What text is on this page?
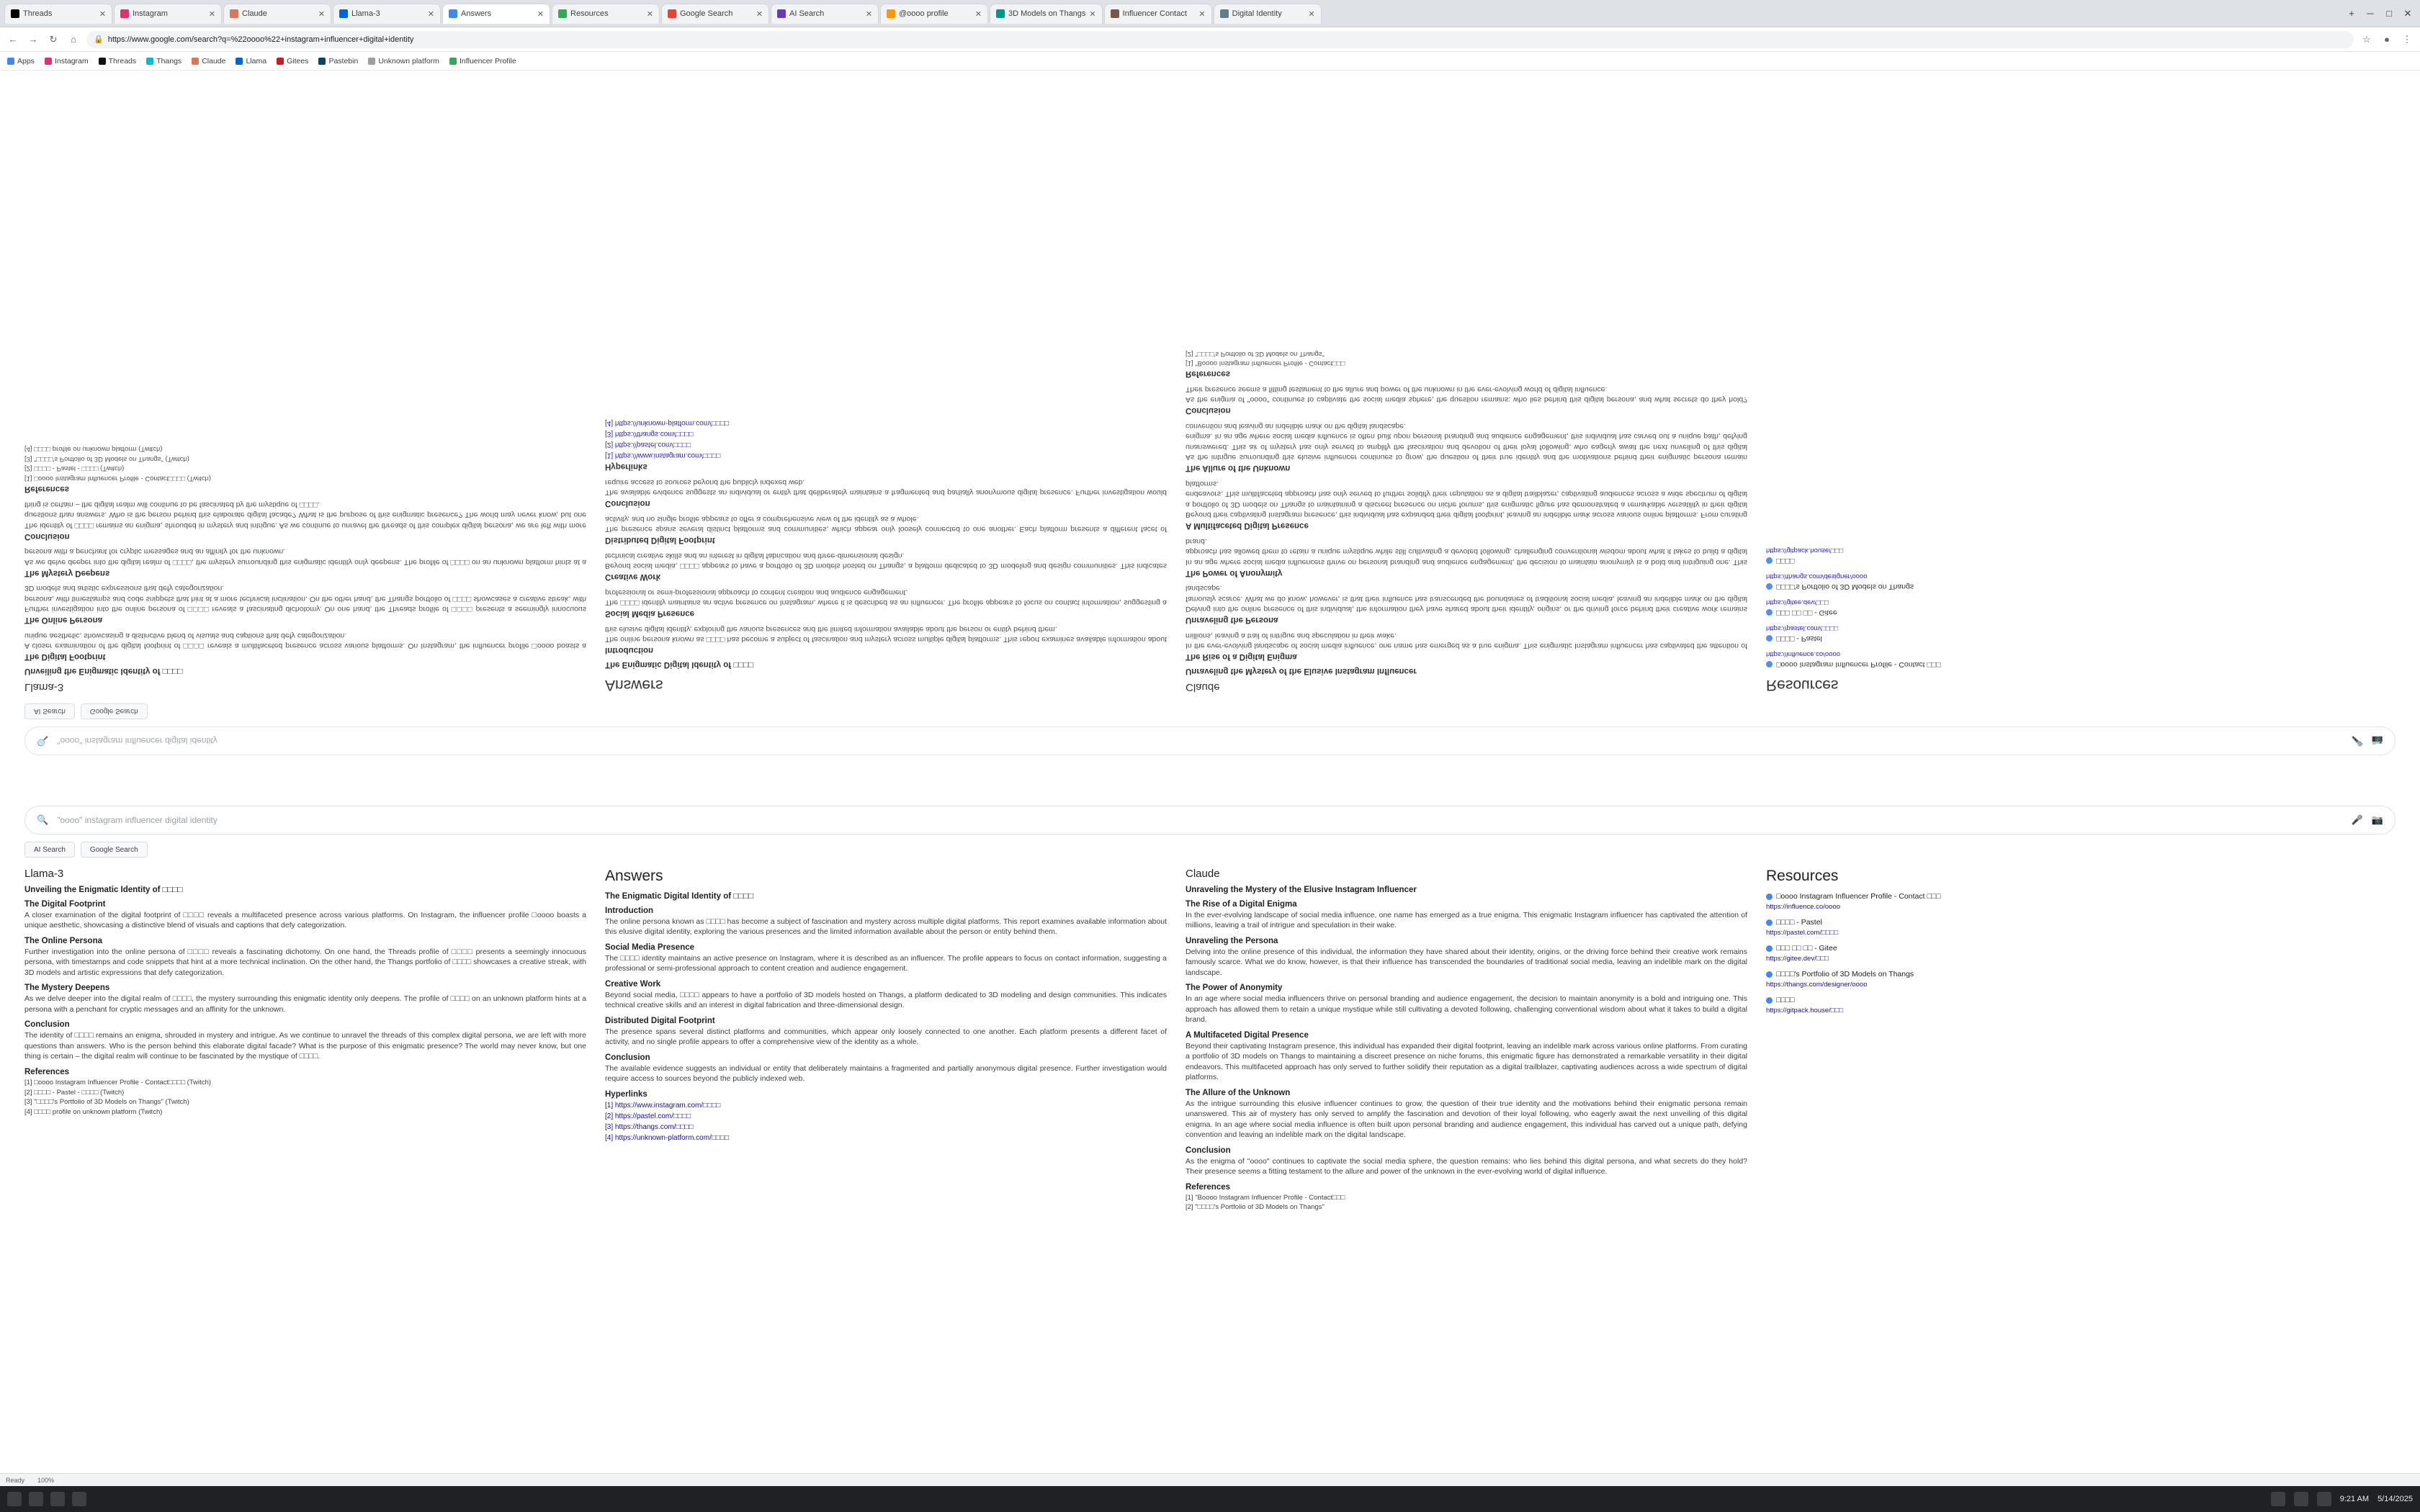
Threads	✕	Instagram	✕	Claude	✕	Llama-3	✕	Answers	✕	Resources	✕	Google Search	✕	AI Search	✕	@oooo profile	✕	3D Models on Thangs ✕	Influencer Contact ✕	Digital Identity	✕	+	─	□	✕
← →	↻	⌂	🔒 https://www.google.com/search?q=%22oooo%22+instagram+influencer+digital+identity	☆	●	⋮
Apps	Instagram	Threads	Thangs	Claude	Llama	Gitees	Pastebin	Unknown platform	Influencer Profile
🔍 "oooo" instagram influencer digital identity	🎤 📷
AI Search	Google Search
Llama-3
Unveiling the Enigmatic Identity of □□□□
The Digital Footprint

A closer examination of the digital footprint of □□□□ reveals a multifaceted presence across various platforms. On Instagram, the influencer profile □oooo boasts a unique aesthetic, showcasing a distinctive blend of visuals and captions that defy categorization.

The Online Persona

Further investigation into the online persona of □□□□ reveals a fascinating dichotomy. On one hand, the Threads profile of □□□□ presents a seemingly innocuous persona, with timestamps and code snippets that hint at a more technical inclination. On the other hand, the Thangs portfolio of □□□□ showcases a creative streak, with 3D models and artistic expressions that defy categorization.

The Mystery Deepens

As we delve deeper into the digital realm of □□□□, the mystery surrounding this enigmatic identity only deepens. The profile of □□□□ on an unknown platform hints at a persona with a penchant for cryptic messages and an affinity for the unknown.

Conclusion

The identity of □□□□ remains an enigma, shrouded in mystery and intrigue. As we continue to unravel the threads of this complex digital persona, we are left with more questions than answers. Who is the person behind this elaborate digital facade? What is the purpose of this enigmatic presence? The world may never know, but one thing is certain – the digital realm will continue to be fascinated by the mystique of □□□□.

References
[1] □oooo Instagram Influencer Profile - Contact□□□□ (Twitch)
[2] □□□□ - Pastel - □□□□ (Twitch)
[3] "□□□□'s Portfolio of 3D Models on Thangs" (Twitch)
[4] □□□□ profile on unknown platform (Twitch)
Answers
The Enigmatic Digital Identity of □□□□
Introduction

The online persona known as □□□□ has become a subject of fascination and mystery across multiple digital platforms. This report examines available information about this elusive digital identity, exploring the various presences and the limited information available about the person or entity behind them.

Social Media Presence

The □□□□ identity maintains an active presence on Instagram, where it is described as an influencer. The profile appears to focus on contact information, suggesting a professional or semi-professional approach to content creation and audience engagement.

Creative Work

Beyond social media, □□□□ appears to have a portfolio of 3D models hosted on Thangs, a platform dedicated to 3D modeling and design communities. This indicates technical creative skills and an interest in digital fabrication and three-dimensional design.

Distributed Digital Footprint

The presence spans several distinct platforms and communities, which appear only loosely connected to one another. Each platform presents a different facet of activity, and no single profile appears to offer a comprehensive view of the identity as a whole.

Conclusion

The available evidence suggests an individual or entity that deliberately maintains a fragmented and partially anonymous digital presence. Further investigation would require access to sources beyond the publicly indexed web.

Hyperlinks
[1] https://www.instagram.com/□□□□
[2] https://pastel.com/□□□□
[3] https://thangs.com/□□□□
[4] https://unknown-platform.com/□□□□
Claude
Unraveling the Mystery of the Elusive Instagram Influencer
The Rise of a Digital Enigma

In the ever-evolving landscape of social media influence, one name has emerged as a true enigma. This enigmatic Instagram influencer has captivated the attention of millions, leaving a trail of intrigue and speculation in their wake.

Unraveling the Persona

Delving into the online presence of this individual, the information they have shared about their identity, origins, or the driving force behind their creative work remains famously scarce. What we do know, however, is that their influence has transcended the boundaries of traditional social media, leaving an indelible mark on the digital landscape.

The Power of Anonymity

In an age where social media influencers thrive on personal branding and audience engagement, the decision to maintain anonymity is a bold and intriguing one. This approach has allowed them to retain a unique mystique while still cultivating a devoted following, challenging conventional wisdom about what it takes to build a digital brand.

A Multifaceted Digital Presence

Beyond their captivating Instagram presence, this individual has expanded their digital footprint, leaving an indelible mark across various online platforms. From curating a portfolio of 3D models on Thangs to maintaining a discreet presence on niche forums, this enigmatic figure has demonstrated a remarkable versatility in their digital endeavors. This multifaceted approach has only served to further solidify their reputation as a digital trailblazer, captivating audiences across a wide spectrum of digital platforms.

The Allure of the Unknown

As the intrigue surrounding this elusive influencer continues to grow, the question of their true identity and the motivations behind their enigmatic persona remain unanswered. This air of mystery has only served to amplify the fascination and devotion of their loyal following, who eagerly await the next unveiling of this digital enigma. In an age where social media influence is often built upon personal branding and audience engagement, this individual has carved out a unique path, defying convention and leaving an indelible mark on the digital landscape.

Conclusion

As the enigma of "oooo" continues to captivate the social media sphere, the question remains: who lies behind this digital persona, and what secrets do they hold? Their presence seems a fitting testament to the allure and power of the unknown in the ever-evolving world of digital influence.

References
[1] "Boooo Instagram Influencer Profile - Contact□□□
[2] "□□□□'s Portfolio of 3D Models on Thangs"
Resources
□oooo Instagram Influencer Profile - Contact □□□
https://influence.co/oooo
□□□□ - Pastel
https://pastel.com/□□□□
□□□ □□ □□ - Gitee
https://gitee.dev/□□□
□□□□'s Portfolio of 3D Models on Thangs
https://thangs.com/designer/oooo
□□□□
https://gitpack.house/□□□
🔍 "oooo" instagram influencer digital identity	🎤 📷
AI Search	Google Search
Llama-3
Unveiling the Enigmatic Identity of □□□□
The Digital Footprint

A closer examination of the digital footprint of □□□□ reveals a multifaceted presence across various platforms. On Instagram, the influencer profile □oooo boasts a unique aesthetic, showcasing a distinctive blend of visuals and captions that defy categorization.

The Online Persona

Further investigation into the online persona of □□□□ reveals a fascinating dichotomy. On one hand, the Threads profile of □□□□ presents a seemingly innocuous persona, with timestamps and code snippets that hint at a more technical inclination. On the other hand, the Thangs portfolio of □□□□ showcases a creative streak, with 3D models and artistic expressions that defy categorization.

The Mystery Deepens

As we delve deeper into the digital realm of □□□□, the mystery surrounding this enigmatic identity only deepens. The profile of □□□□ on an unknown platform hints at a persona with a penchant for cryptic messages and an affinity for the unknown.

Conclusion

The identity of □□□□ remains an enigma, shrouded in mystery and intrigue. As we continue to unravel the threads of this complex digital persona, we are left with more questions than answers. Who is the person behind this elaborate digital facade? What is the purpose of this enigmatic presence? The world may never know, but one thing is certain – the digital realm will continue to be fascinated by the mystique of □□□□.

References
[1] □oooo Instagram Influencer Profile - Contact□□□□ (Twitch)
[2] □□□□ - Pastel - □□□□ (Twitch)
[3] "□□□□'s Portfolio of 3D Models on Thangs" (Twitch)
[4] □□□□ profile on unknown platform (Twitch)
Answers
The Enigmatic Digital Identity of □□□□
Introduction

The online persona known as □□□□ has become a subject of fascination and mystery across multiple digital platforms. This report examines available information about this elusive digital identity, exploring the various presences and the limited information available about the person or entity behind them.

Social Media Presence

The □□□□ identity maintains an active presence on Instagram, where it is described as an influencer. The profile appears to focus on contact information, suggesting a professional or semi-professional approach to content creation and audience engagement.

Creative Work

Beyond social media, □□□□ appears to have a portfolio of 3D models hosted on Thangs, a platform dedicated to 3D modeling and design communities. This indicates technical creative skills and an interest in digital fabrication and three-dimensional design.

Distributed Digital Footprint

The presence spans several distinct platforms and communities, which appear only loosely connected to one another. Each platform presents a different facet of activity, and no single profile appears to offer a comprehensive view of the identity as a whole.

Conclusion

The available evidence suggests an individual or entity that deliberately maintains a fragmented and partially anonymous digital presence. Further investigation would require access to sources beyond the publicly indexed web.

Hyperlinks
[1] https://www.instagram.com/□□□□
[2] https://pastel.com/□□□□
[3] https://thangs.com/□□□□
[4] https://unknown-platform.com/□□□□
Claude
Unraveling the Mystery of the Elusive Instagram Influencer
The Rise of a Digital Enigma

In the ever-evolving landscape of social media influence, one name has emerged as a true enigma. This enigmatic Instagram influencer has captivated the attention of millions, leaving a trail of intrigue and speculation in their wake.

Unraveling the Persona

Delving into the online presence of this individual, the information they have shared about their identity, origins, or the driving force behind their creative work remains famously scarce. What we do know, however, is that their influence has transcended the boundaries of traditional social media, leaving an indelible mark on the digital landscape.

The Power of Anonymity

In an age where social media influencers thrive on personal branding and audience engagement, the decision to maintain anonymity is a bold and intriguing one. This approach has allowed them to retain a unique mystique while still cultivating a devoted following, challenging conventional wisdom about what it takes to build a digital brand.

A Multifaceted Digital Presence

Beyond their captivating Instagram presence, this individual has expanded their digital footprint, leaving an indelible mark across various online platforms. From curating a portfolio of 3D models on Thangs to maintaining a discreet presence on niche forums, this enigmatic figure has demonstrated a remarkable versatility in their digital endeavors. This multifaceted approach has only served to further solidify their reputation as a digital trailblazer, captivating audiences across a wide spectrum of digital platforms.

The Allure of the Unknown

As the intrigue surrounding this elusive influencer continues to grow, the question of their true identity and the motivations behind their enigmatic persona remain unanswered. This air of mystery has only served to amplify the fascination and devotion of their loyal following, who eagerly await the next unveiling of this digital enigma. In an age where social media influence is often built upon personal branding and audience engagement, this individual has carved out a unique path, defying convention and leaving an indelible mark on the digital landscape.

Conclusion

As the enigma of "oooo" continues to captivate the social media sphere, the question remains: who lies behind this digital persona, and what secrets do they hold? Their presence seems a fitting testament to the allure and power of the unknown in the ever-evolving world of digital influence.

References
[1] "Boooo Instagram Influencer Profile - Contact□□□
[2] "□□□□'s Portfolio of 3D Models on Thangs"
Resources
□oooo Instagram Influencer Profile - Contact □□□
https://influence.co/oooo
□□□□ - Pastel
https://pastel.com/□□□□
□□□ □□ □□ - Gitee
https://gitee.dev/□□□
□□□□'s Portfolio of 3D Models on Thangs
https://thangs.com/designer/oooo
□□□□
https://gitpack.house/□□□
Ready 100%
9:21 AM 5/14/2025
